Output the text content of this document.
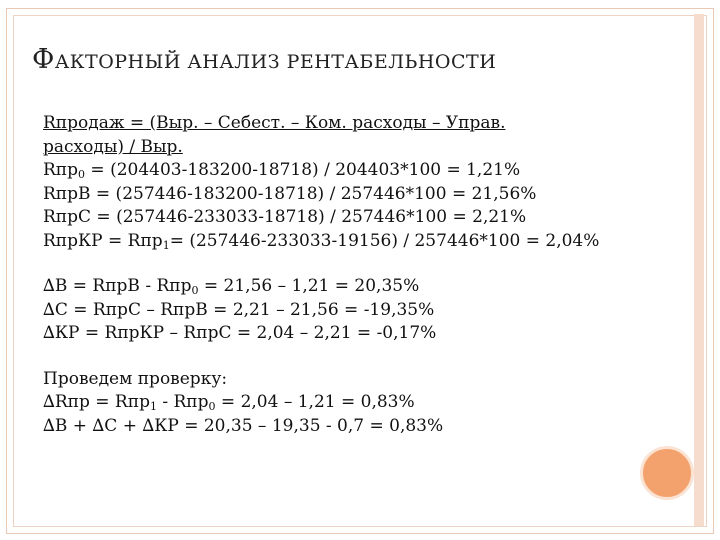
ФАКТОРНЫЙ АНАЛИЗ РЕНТАБЕЛЬНОСТИ
Rпродаж = (Выр. – Себест. – Ком. расходы – Управ.
расходы) / Выр.
Rпр$_0$ = (204403-183200-18718) / 204403*100 = 1,21%
RпрВ = (257446-183200-18718) / 257446*100 = 21,56%
RпрС = (257446-233033-18718) / 257446*100 = 2,21%
RпрКР = Rпр$_1$= (257446-233033-19156) / 257446*100 = 2,04%
∆В = RпрВ - Rпр$_0$ = 21,56 – 1,21 = 20,35%
∆С = RпрС – RпрВ = 2,21 – 21,56 = -19,35%
∆КР = RпрКР – RпрС = 2,04 – 2,21 = -0,17%
Проведем проверку:
∆Rпр = Rпр$_1$ - Rпр$_0$ = 2,04 – 1,21 = 0,83%
∆В + ∆С + ∆КР = 20,35 – 19,35 - 0,7 = 0,83%
